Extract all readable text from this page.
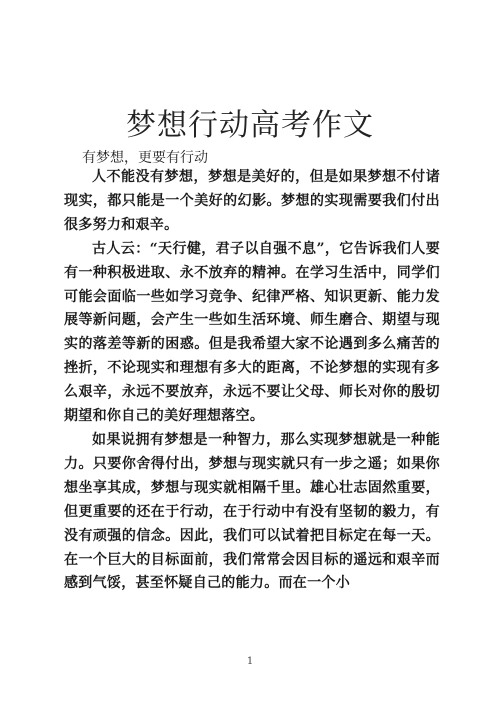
梦想行动高考作文
有梦想，更要有行动

人不能没有梦想，梦想是美好的，但是如果梦想不付诸现实，都只能是一个美好的幻影。梦想的实现需要我们付出很多努力和艰辛。

古人云：“天行健，君子以自强不息”，它告诉我们人要有一种积极进取、永不放弃的精神。在学习生活中，同学们可能会面临一些如学习竞争、纪律严格、知识更新、能力发展等新问题，会产生一些如生活环境、师生磨合、期望与现实的落差等新的困惑。但是我希望大家不论遇到多么痛苦的挫折，不论现实和理想有多大的距离，不论梦想的实现有多么艰辛，永远不要放弃，永远不要让父母、师长对你的殷切期望和你自己的美好理想落空。

如果说拥有梦想是一种智力，那么实现梦想就是一种能力。只要你舍得付出，梦想与现实就只有一步之遥；如果你想坐享其成，梦想与现实就相隔千里。雄心壮志固然重要，但更重要的还在于行动，在于行动中有没有坚韧的毅力，有没有顽强的信念。因此，我们可以试着把目标定在每一天。在一个巨大的目标面前，我们常常会因目标的遥远和艰辛而感到气馁，甚至怀疑自己的能力。而在一个小

1
